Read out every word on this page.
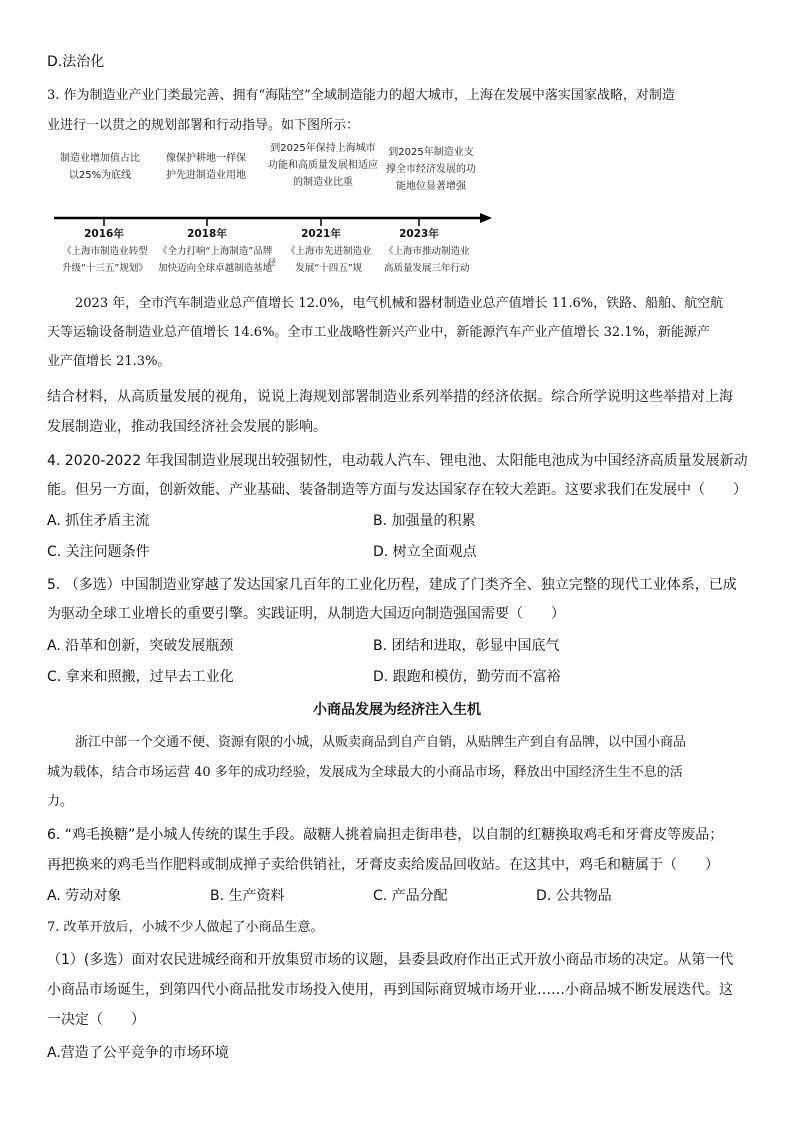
D.法治化
3. 作为制造业产业门类最完善、拥有“海陆空”全域制造能力的超大城市，上海在发展中落实国家战略，对制造
业进行一以贯之的规划部署和行动指导。如下图所示：
制造业增加值占比
以25%为底线
像保护耕地一样保
护先进制造业用地
到2025年保持上海城市
功能和高质量发展相适应
的制造业比重
到2025年制造业支
撑全市经济发展的功
能地位显著增强
2016年	2018年	2021年	2023年
《上海市制造业转型
升级“十三五”规划》
《全力打响“上海制造”品牌
加快迈向全球卓越制造基地
径
《上海市先进制造业
发展“十四五”规
《上海市推动制造业
高质量发展三年行动
2023 年，全市汽车制造业总产值增长 12.0%，电气机械和器材制造业总产值增长 11.6%，铁路、船舶、航空航
天等运输设备制造业总产值增长 14.6%。全市工业战略性新兴产业中，新能源汽车产业产值增长 32.1%，新能源产
业产值增长 21.3%。
结合材料，从高质量发展的视角，说说上海规划部署制造业系列举措的经济依据。综合所学说明这些举措对上海
发展制造业，推动我国经济社会发展的影响。
4. 2020-2022 年我国制造业展现出较强韧性，电动载人汽车、锂电池、太阳能电池成为中国经济高质量发展新动
能。但另一方面，创新效能、产业基础、装备制造等方面与发达国家存在较大差距。这要求我们在发展中（　　）
A. 抓住矛盾主流	B. 加强量的积累
C. 关注问题条件	D. 树立全面观点
5. （多选）中国制造业穿越了发达国家几百年的工业化历程，建成了门类齐全、独立完整的现代工业体系，已成
为驱动全球工业增长的重要引擎。实践证明，从制造大国迈向制造强国需要（　　）
A. 沿革和创新，突破发展瓶颈	B. 团结和进取，彰显中国底气
C. 拿来和照搬，过早去工业化	D. 跟跑和模仿，勤劳而不富裕
小商品发展为经济注入生机
浙江中部一个交通不便、资源有限的小城，从贩卖商品到自产自销，从贴牌生产到自有品牌，以中国小商品
城为载体，结合市场运营 40 多年的成功经验，发展成为全球最大的小商品市场，释放出中国经济生生不息的活
力。
6. “鸡毛换糖”是小城人传统的谋生手段。敲糖人挑着扁担走街串巷，以自制的红糖换取鸡毛和牙膏皮等废品；
再把换来的鸡毛当作肥料或制成掸子卖给供销社，牙膏皮卖给废品回收站。在这其中，鸡毛和糖属于（　　）
A. 劳动对象	B. 生产资料	C. 产品分配	D. 公共物品
7. 改革开放后，小城不少人做起了小商品生意。
（1）(多选）面对农民进城经商和开放集贸市场的议题，县委县政府作出正式开放小商品市场的决定。从第一代
小商品市场诞生，到第四代小商品批发市场投入使用，再到国际商贸城市场开业……小商品城不断发展迭代。这
一决定（　　）
A.营造了公平竞争的市场环境
